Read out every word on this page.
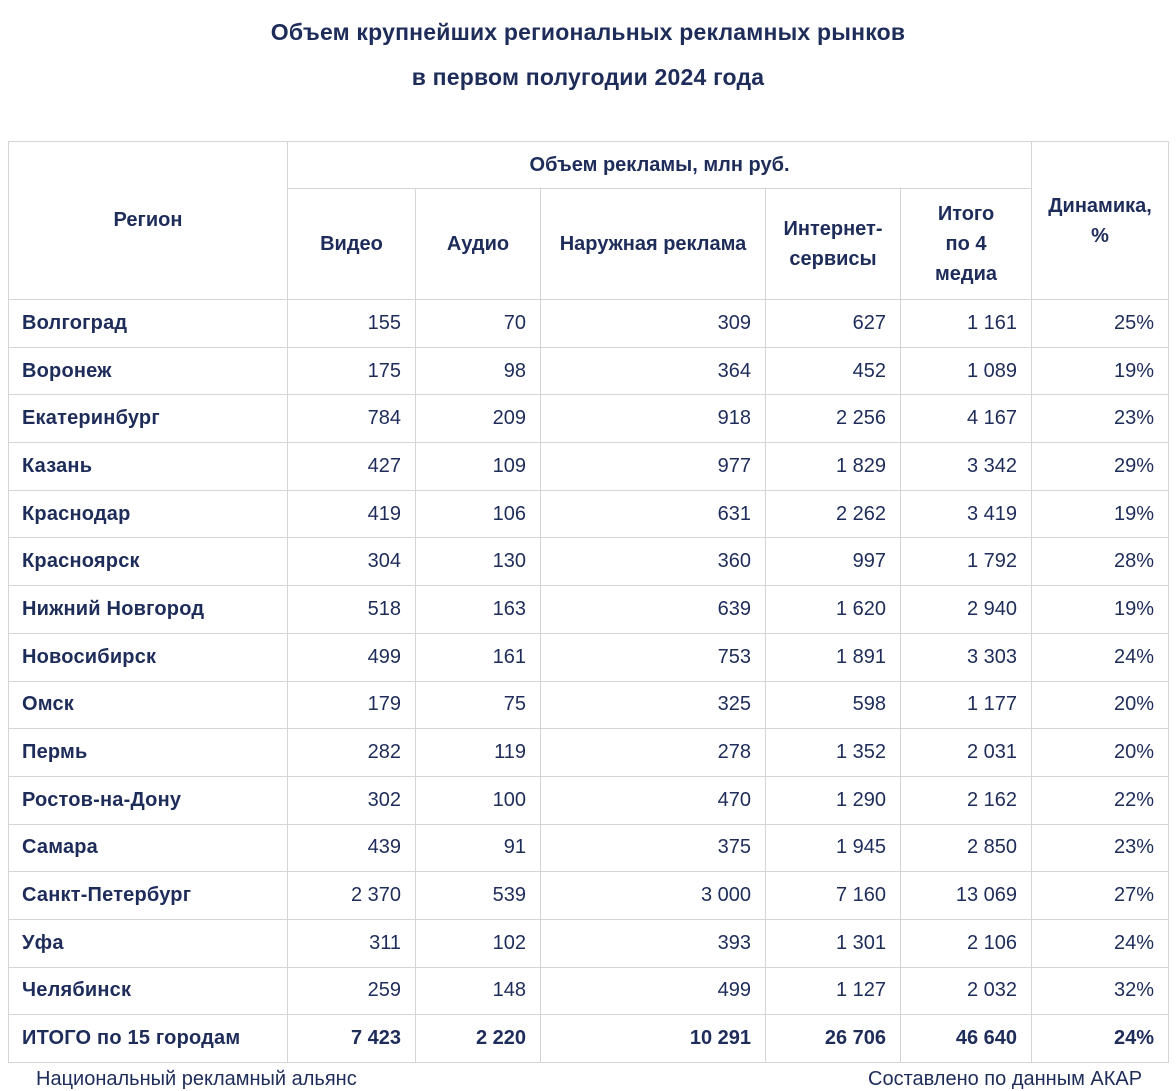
Объем крупнейших региональных рекламных рынков
в первом полугодии 2024 года
Регион	Объем рекламы, млн руб.					Динамика, %
	Видео	Аудио	Наружная реклама	Интернет-сервисы	Итого по 4 медиа	
Волгоград	155	70	309	627	1 161	25%
Воронеж	175	98	364	452	1 089	19%
Екатеринбург	784	209	918	2 256	4 167	23%
Казань	427	109	977	1 829	3 342	29%
Краснодар	419	106	631	2 262	3 419	19%
Красноярск	304	130	360	997	1 792	28%
Нижний Новгород	518	163	639	1 620	2 940	19%
Новосибирск	499	161	753	1 891	3 303	24%
Омск	179	75	325	598	1 177	20%
Пермь	282	119	278	1 352	2 031	20%
Ростов-на-Дону	302	100	470	1 290	2 162	22%
Самара	439	91	375	1 945	2 850	23%
Санкт-Петербург	2 370	539	3 000	7 160	13 069	27%
Уфа	311	102	393	1 301	2 106	24%
Челябинск	259	148	499	1 127	2 032	32%
ИТОГО по 15 городам	7 423	2 220	10 291	26 706	46 640	24%
Национальный рекламный альянс	Составлено по данным АКАР
